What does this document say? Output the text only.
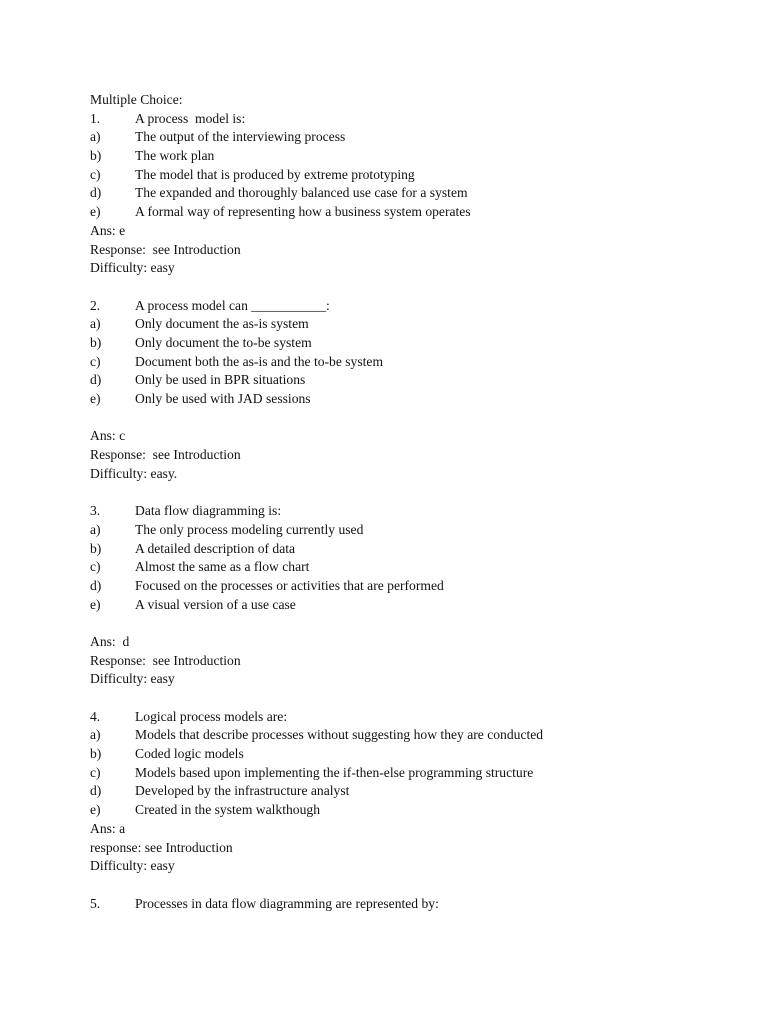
Multiple Choice:
1.	A process  model is:
a)	The output of the interviewing process
b)	The work plan
c)	The model that is produced by extreme prototyping
d)	The expanded and thoroughly balanced use case for a system
e)	A formal way of representing how a business system operates
Ans: e
Response:  see Introduction
Difficulty: easy
2.	A process model can ___________:
a)	Only document the as-is system
b)	Only document the to-be system
c)	Document both the as-is and the to-be system
d)	Only be used in BPR situations
e)	Only be used with JAD sessions
Ans: c
Response:  see Introduction
Difficulty: easy.
3.	Data flow diagramming is:
a)	The only process modeling currently used
b)	A detailed description of data
c)	Almost the same as a flow chart
d)	Focused on the processes or activities that are performed
e)	A visual version of a use case
Ans:  d
Response:  see Introduction
Difficulty: easy
4.	Logical process models are:
a)	Models that describe processes without suggesting how they are conducted
b)	Coded logic models
c)	Models based upon implementing the if-then-else programming structure
d)	Developed by the infrastructure analyst
e)	Created in the system walkthough
Ans: a
response: see Introduction
Difficulty: easy
5.	Processes in data flow diagramming are represented by:
